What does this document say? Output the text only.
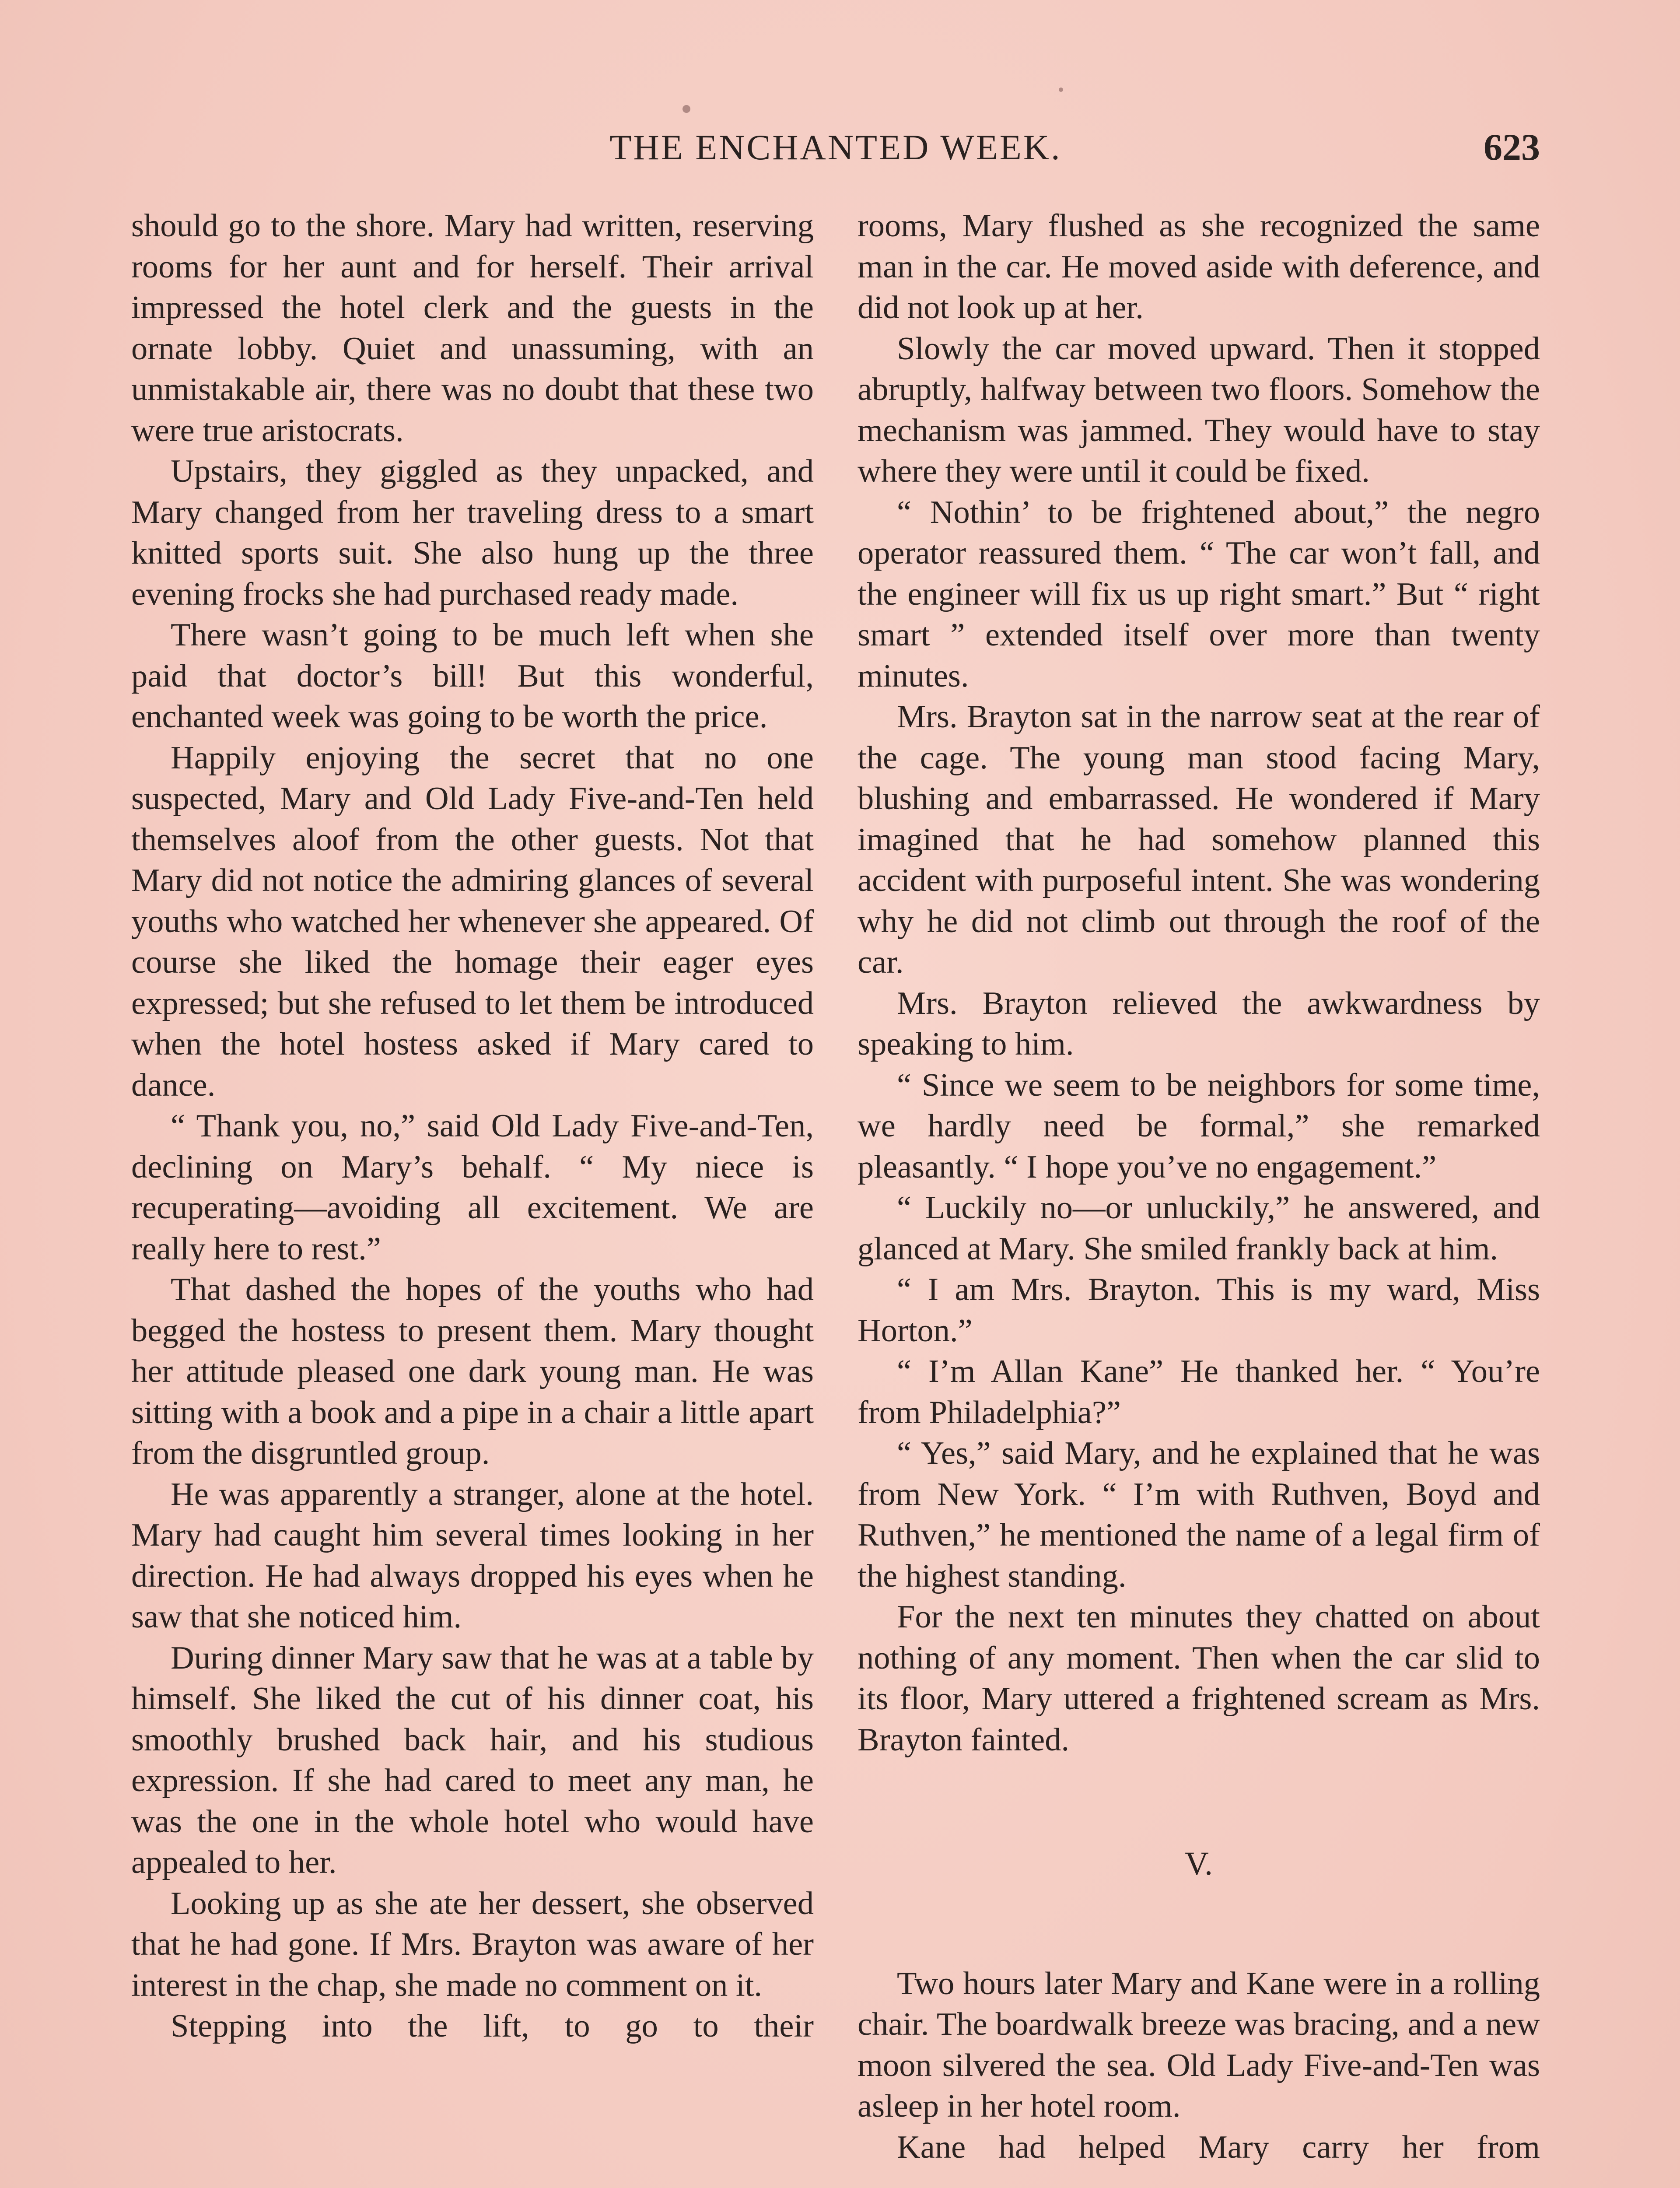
THE ENCHANTED WEEK.	623

should go to the shore. Mary had written, reserving rooms for her aunt and for herself. Their arrival impressed the hotel clerk and the guests in the ornate lobby. Quiet and unassuming, with an unmistakable air, there was no doubt that these two were true aristocrats.

Upstairs, they giggled as they unpacked, and Mary changed from her traveling dress to a smart knitted sports suit. She also hung up the three evening frocks she had purchased ready made.

There wasn’t going to be much left when she paid that doctor’s bill! But this wonderful, enchanted week was going to be worth the price.

Happily enjoying the secret that no one suspected, Mary and Old Lady Five-and-Ten held themselves aloof from the other guests. Not that Mary did not notice the admiring glances of several youths who watched her whenever she appeared. Of course she liked the homage their eager eyes expressed; but she refused to let them be introduced when the hotel hostess asked if Mary cared to dance.

“ Thank you, no,” said Old Lady Five-and-Ten, declining on Mary’s behalf. “ My niece is recuperating—avoiding all excitement. We are really here to rest.”

That dashed the hopes of the youths who had begged the hostess to present them. Mary thought her attitude pleased one dark young man. He was sitting with a book and a pipe in a chair a little apart from the disgruntled group.

He was apparently a stranger, alone at the hotel. Mary had caught him several times looking in her direction. He had always dropped his eyes when he saw that she noticed him.

During dinner Mary saw that he was at a table by himself. She liked the cut of his dinner coat, his smoothly brushed back hair, and his studious expression. If she had cared to meet any man, he was the one in the whole hotel who would have appealed to her.

Looking up as she ate her dessert, she observed that he had gone. If Mrs. Brayton was aware of her interest in the chap, she made no comment on it.

Stepping into the lift, to go to their

rooms, Mary flushed as she recognized the same man in the car. He moved aside with deference, and did not look up at her.

Slowly the car moved upward. Then it stopped abruptly, halfway between two floors. Somehow the mechanism was jammed. They would have to stay where they were until it could be fixed.

“ Nothin’ to be frightened about,” the negro operator reassured them. “ The car won’t fall, and the engineer will fix us up right smart.” But “ right smart ” extended itself over more than twenty minutes.

Mrs. Brayton sat in the narrow seat at the rear of the cage. The young man stood facing Mary, blushing and embarrassed. He wondered if Mary imagined that he had somehow planned this accident with purposeful intent. She was wondering why he did not climb out through the roof of the car.

Mrs. Brayton relieved the awkwardness by speaking to him.

“ Since we seem to be neighbors for some time, we hardly need be formal,” she remarked pleasantly. “ I hope you’ve no engagement.”

“ Luckily no—or unluckily,” he answered, and glanced at Mary. She smiled frankly back at him.

“ I am Mrs. Brayton. This is my ward, Miss Horton.”

“ I’m Allan Kane” He thanked her. “ You’re from Philadelphia?”

“ Yes,” said Mary, and he explained that he was from New York. “ I’m with Ruthven, Boyd and Ruthven,” he mentioned the name of a legal firm of the highest standing.

For the next ten minutes they chatted on about nothing of any moment. Then when the car slid to its floor, Mary uttered a frightened scream as Mrs. Brayton fainted.

V.

Two hours later Mary and Kane were in a rolling chair. The boardwalk breeze was bracing, and a new moon silvered the sea. Old Lady Five-and-Ten was asleep in her hotel room.

Kane had helped Mary carry her from
